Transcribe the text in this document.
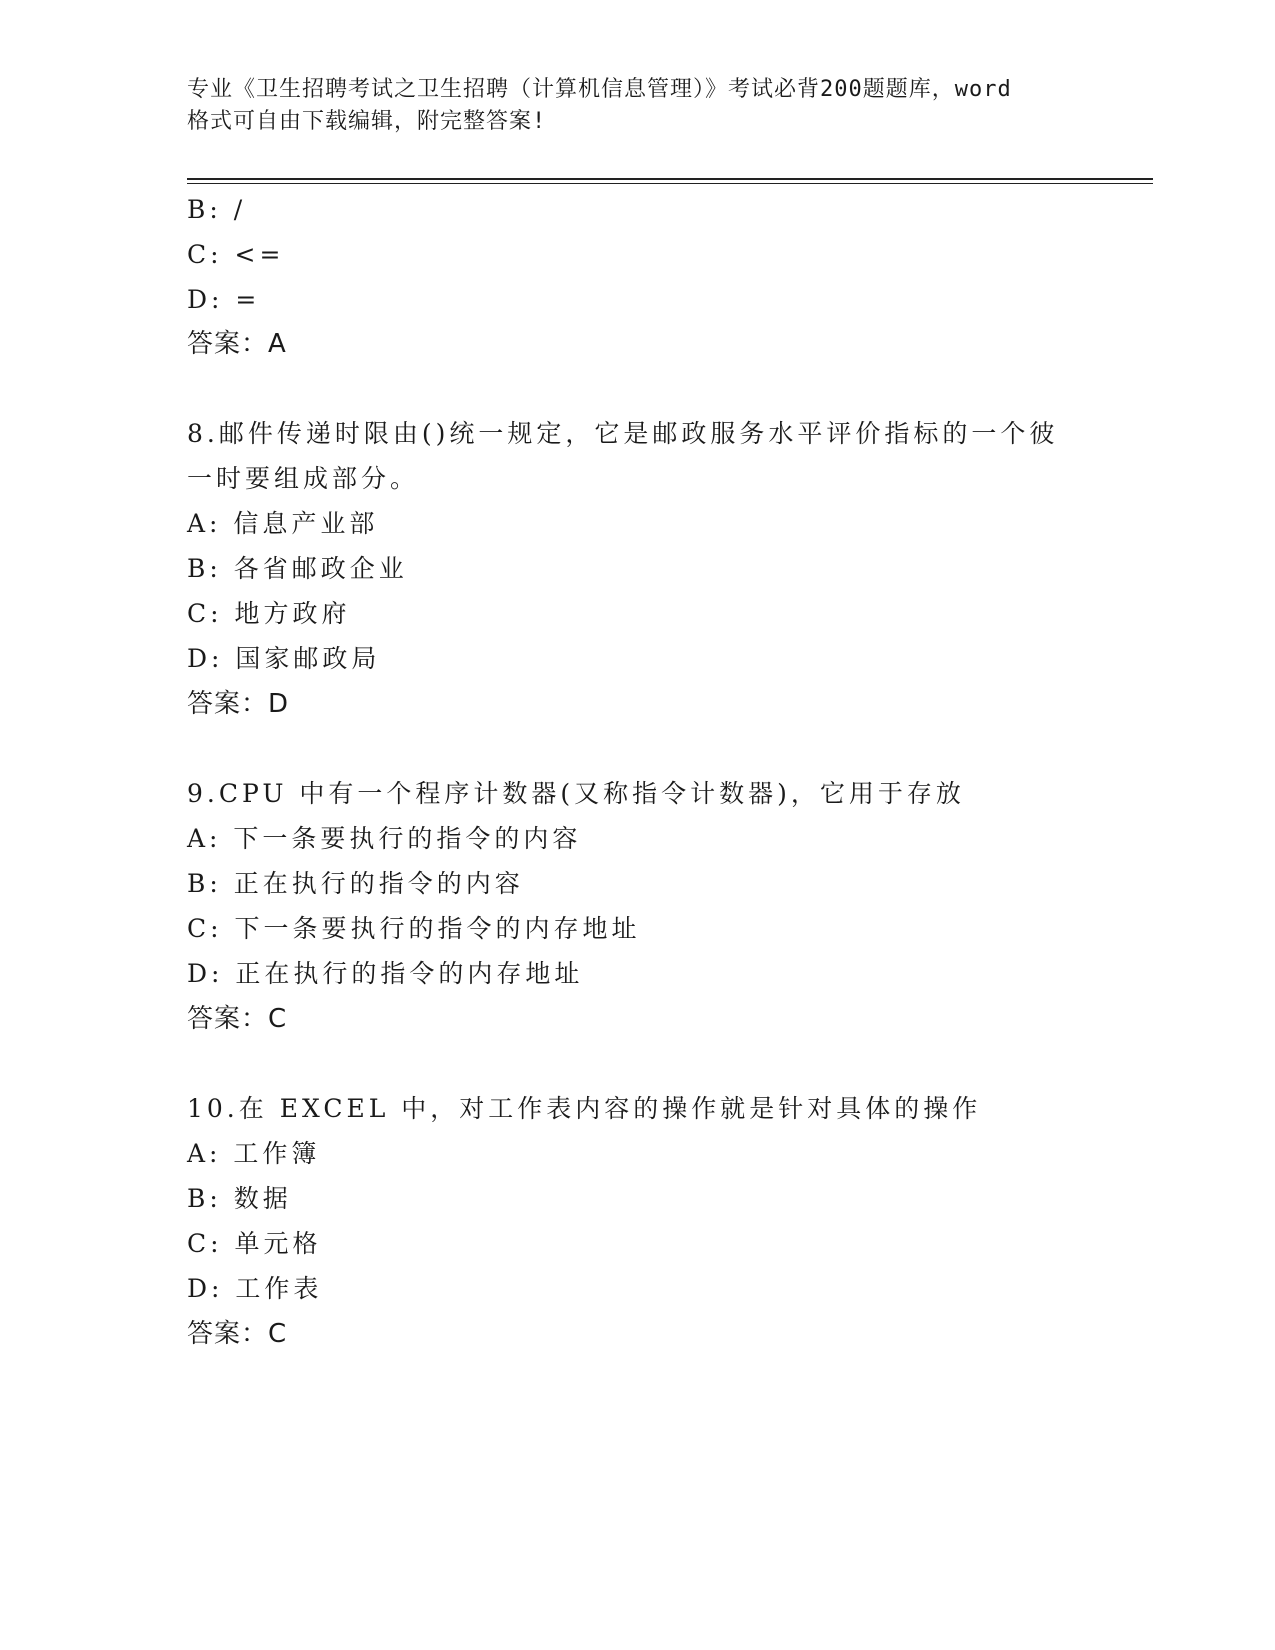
专业《卫生招聘考试之卫生招聘（计算机信息管理）》考试必背200题题库，word
格式可自由下载编辑，附完整答案!
B: /
C: <=
D: =
答案：A
8.邮件传递时限由()统一规定，它是邮政服务水平评价指标的一个彼
一时要组成部分。
A: 信息产业部
B: 各省邮政企业
C: 地方政府
D: 国家邮政局
答案：D
9.CPU 中有一个程序计数器(又称指令计数器)，它用于存放
A: 下一条要执行的指令的内容
B: 正在执行的指令的内容
C: 下一条要执行的指令的内存地址
D: 正在执行的指令的内存地址
答案：C
10.在 EXCEL 中，对工作表内容的操作就是针对具体的操作
A: 工作簿
B: 数据
C: 单元格
D: 工作表
答案：C
